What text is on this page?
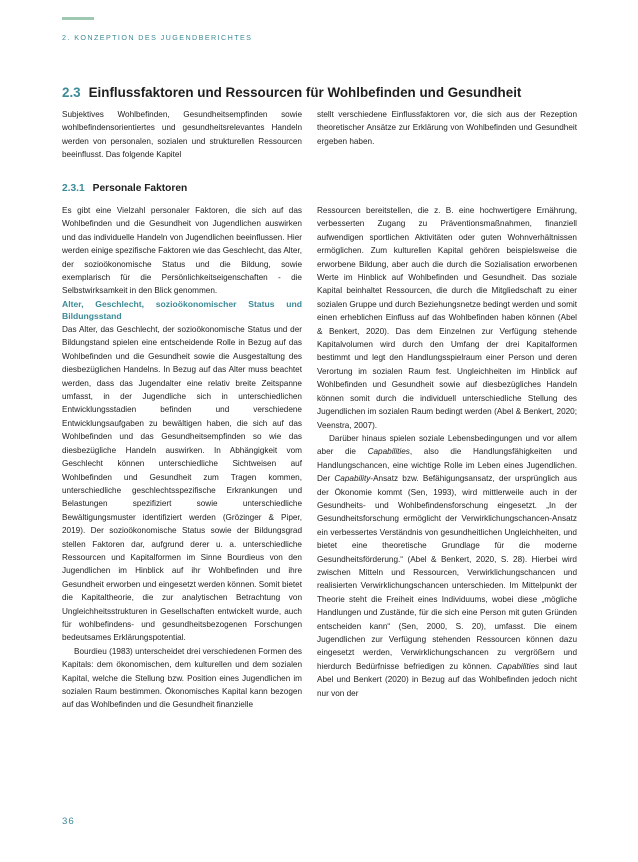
2. KONZEPTION DES JUGENDBERICHTES
2.3 Einflussfaktoren und Ressourcen für Wohlbefinden und Gesundheit

Subjektives Wohlbefinden, Gesundheitsempfinden sowie wohlbefindensorientiertes und gesundheitsrelevantes Handeln werden von personalen, sozialen und strukturellen Ressourcen beeinflusst. Das folgende Kapitel

stellt verschiedene Einflussfaktoren vor, die sich aus der Rezeption theoretischer Ansätze zur Erklärung von Wohlbefinden und Gesundheit ergeben haben.

2.3.1 Personale Faktoren

Es gibt eine Vielzahl personaler Faktoren, die sich auf das Wohlbefinden und die Gesundheit von Jugendlichen auswirken und das individuelle Handeln von Jugendlichen beeinflussen. Hier werden einige spezifische Faktoren wie das Geschlecht, das Alter, der sozioökonomische Status und die Bildung, sowie exemplarisch für die Persönlichkeitseigenschaften - die Selbstwirksamkeit in den Blick genommen.

Alter, Geschlecht, sozioökonomischer Status und Bildungsstand

Das Alter, das Geschlecht, der sozioökonomische Status und der Bildungstand spielen eine entscheidende Rolle in Bezug auf das Wohlbefinden und die Gesundheit sowie die Ausgestaltung des diesbezüglichen Handelns. In Bezug auf das Alter muss beachtet werden, dass das Jugendalter eine relativ breite Zeitspanne umfasst, in der Jugendliche sich in unterschiedlichen Entwicklungsstadien befinden und verschiedene Entwicklungsaufgaben zu bewältigen haben, die sich auf das Wohlbefinden und das Gesundheitsempfinden so wie das diesbezügliche Handeln auswirken. In Abhängigkeit vom Geschlecht können unterschiedliche Sichtweisen auf Wohlbefinden und Gesundheit zum Tragen kommen, unterschiedliche geschlechtsspezifische Erkrankungen und Belastungen spezifiziert sowie unterschiedliche Bewältigungsmuster identifiziert werden (Grözinger & Piper, 2019). Der sozioökonomische Status sowie der Bildungsgrad stellen Faktoren dar, aufgrund derer u. a. unterschiedliche Ressourcen und Kapitalformen im Sinne Bourdieus von den Jugendlichen im Hinblick auf ihr Wohlbefinden und ihre Gesundheit erworben und eingesetzt werden können. Somit bietet die Kapitaltheorie, die zur analytischen Betrachtung von Ungleichheitsstrukturen in Gesellschaften entwickelt wurde, auch für wohlbefindens- und gesundheitsbezogenen Forschungen bedeutsames Erklärungspotential.

Bourdieu (1983) unterscheidet drei verschiedenen Formen des Kapitals: dem ökonomischen, dem kulturellen und dem sozialen Kapital, welche die Stellung bzw. Position eines Jugendlichen im sozialen Raum bestimmen. Ökonomisches Kapital kann bezogen auf das Wohlbefinden und die Gesundheit finanzielle

Ressourcen bereitstellen, die z. B. eine hochwertigere Ernährung, verbesserten Zugang zu Präventionsmaßnahmen, finanziell aufwendigen sportlichen Aktivitäten oder guten Wohnverhältnissen ermöglichen. Zum kulturellen Kapital gehören beispielsweise die erworbene Bildung, aber auch die durch die Sozialisation erworbenen Werte im Hinblick auf Wohlbefinden und Gesundheit. Das soziale Kapital beinhaltet Ressourcen, die durch die Mitgliedschaft zu einer sozialen Gruppe und durch Beziehungsnetze bedingt werden und somit einen erheblichen Einfluss auf das Wohlbefinden haben können (Abel & Benkert, 2020). Das dem Einzelnen zur Verfügung stehende Kapitalvolumen wird durch den Umfang der drei Kapitalformen bestimmt und legt den Handlungsspielraum einer Person und deren Verortung im sozialen Raum fest. Ungleichheiten im Hinblick auf Wohlbefinden und Gesundheit sowie auf diesbezügliches Handeln können somit durch die individuell unterschiedliche Stellung des Jugendlichen im sozialen Raum bedingt werden (Abel & Benkert, 2020; Veenstra, 2007).

Darüber hinaus spielen soziale Lebensbedingungen und vor allem aber die Capabilities, also die Handlungsfähigkeiten und Handlungschancen, eine wichtige Rolle im Leben eines Jugendlichen. Der Capability-Ansatz bzw. Befähigungsansatz, der ursprünglich aus der Ökonomie kommt (Sen, 1993), wird mittlerweile auch in der Gesundheits- und Wohlbefindensforschung eingesetzt. „In der Gesundheitsforschung ermöglicht der Verwirklichungschancen-Ansatz ein verbessertes Verständnis von gesundheitlichen Ungleichheiten, und bietet eine theoretische Grundlage für die moderne Gesundheitsförderung.“ (Abel & Benkert, 2020, S. 28). Hierbei wird zwischen Mitteln und Ressourcen, Verwirklichungschancen und realisierten Verwirklichungschancen unterschieden. Im Mittelpunkt der Theorie steht die Freiheit eines Individuums, wobei diese „mögliche Handlungen und Zustände, für die sich eine Person mit guten Gründen entscheiden kann“ (Sen, 2000, S. 20), umfasst. Die einem Jugendlichen zur Verfügung stehenden Ressourcen können dazu eingesetzt werden, Verwirklichungschancen zu vergrößern und hierdurch Bedürfnisse befriedigen zu können. Capabilities sind laut Abel und Benkert (2020) in Bezug auf das Wohlbefinden jedoch nicht nur von der

36
